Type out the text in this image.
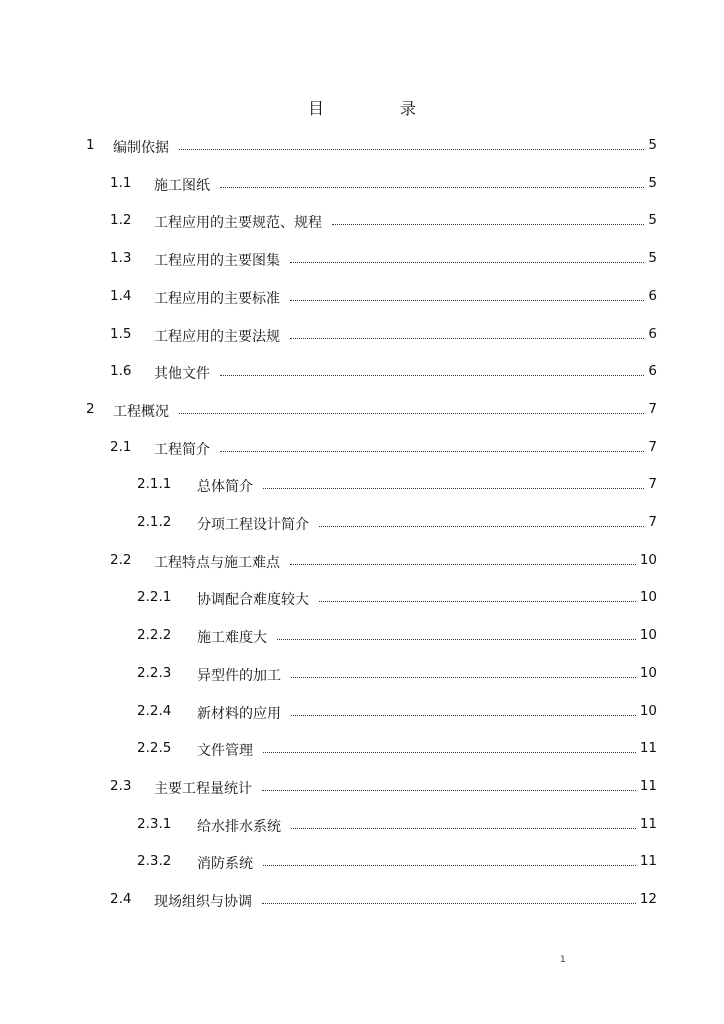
目　录
1 编制依据	5
1.1 施工图纸	5
1.2 工程应用的主要规范、规程	5
1.3 工程应用的主要图集	5
1.4 工程应用的主要标准	6
1.5 工程应用的主要法规	6
1.6 其他文件	6
2 工程概况	7
2.1 工程简介	7
2.1.1 总体简介	7
2.1.2 分项工程设计简介	7
2.2 工程特点与施工难点	10
2.2.1 协调配合难度较大	10
2.2.2 施工难度大	10
2.2.3 异型件的加工	10
2.2.4 新材料的应用	10
2.2.5 文件管理	11
2.3 主要工程量统计	11
2.3.1 给水排水系统	11
2.3.2 消防系统	11
2.4 现场组织与协调	12
1
